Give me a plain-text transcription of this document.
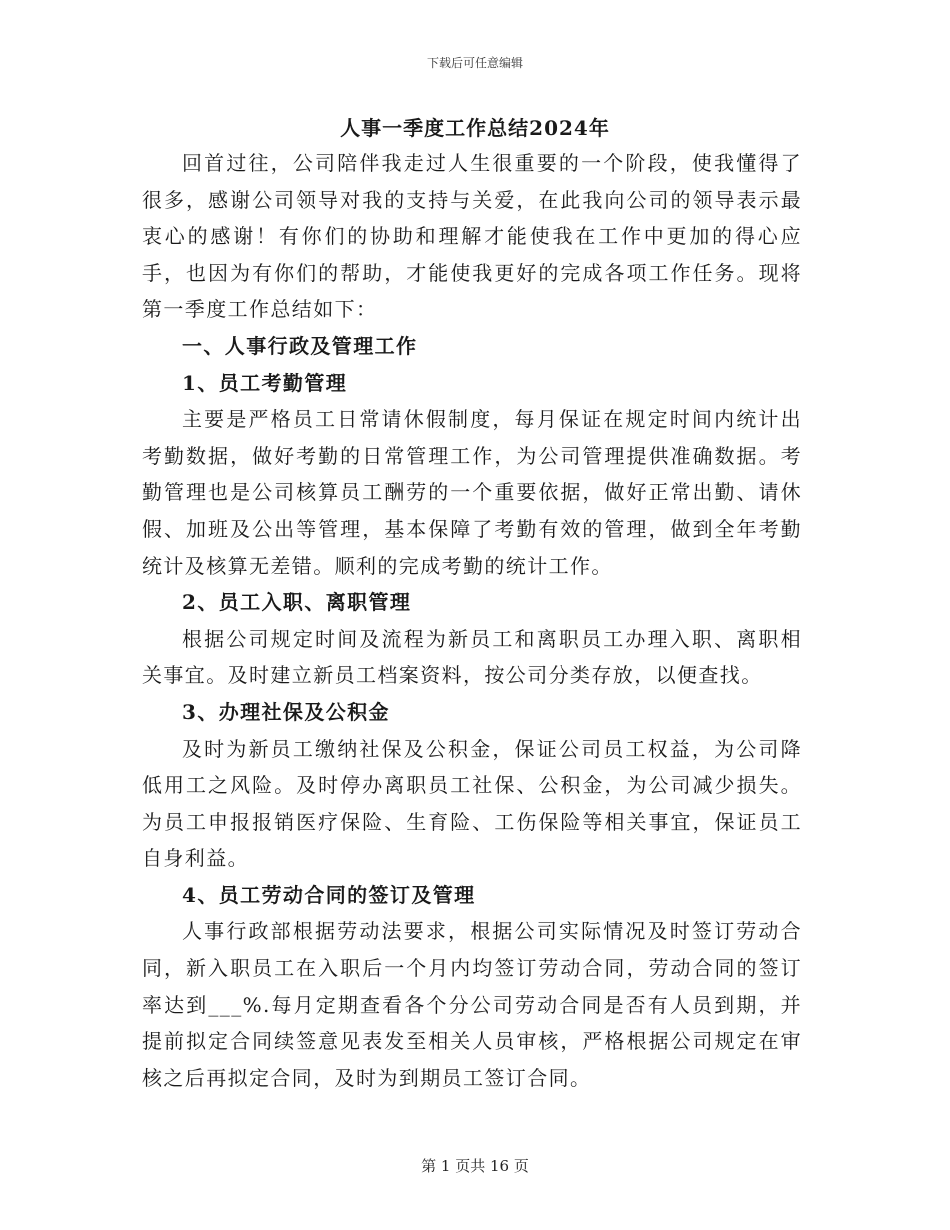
下载后可任意编辑
人事一季度工作总结2024年

回首过往，公司陪伴我走过人生很重要的一个阶段，使我懂得了很多，感谢公司领导对我的支持与关爱，在此我向公司的领导表示最衷心的感谢！有你们的协助和理解才能使我在工作中更加的得心应手，也因为有你们的帮助，才能使我更好的完成各项工作任务。现将第一季度工作总结如下：

一、人事行政及管理工作
1、员工考勤管理

主要是严格员工日常请休假制度，每月保证在规定时间内统计出考勤数据，做好考勤的日常管理工作，为公司管理提供准确数据。考勤管理也是公司核算员工酬劳的一个重要依据，做好正常出勤、请休假、加班及公出等管理，基本保障了考勤有效的管理，做到全年考勤统计及核算无差错。顺利的完成考勤的统计工作。

2、员工入职、离职管理

根据公司规定时间及流程为新员工和离职员工办理入职、离职相关事宜。及时建立新员工档案资料，按公司分类存放，以便查找。

3、办理社保及公积金

及时为新员工缴纳社保及公积金，保证公司员工权益，为公司降低用工之风险。及时停办离职员工社保、公积金，为公司减少损失。为员工申报报销医疗保险、生育险、工伤保险等相关事宜，保证员工自身利益。

4、员工劳动合同的签订及管理

人事行政部根据劳动法要求，根据公司实际情况及时签订劳动合同，新入职员工在入职后一个月内均签订劳动合同，劳动合同的签订率达到___%.每月定期查看各个分公司劳动合同是否有人员到期，并提前拟定合同续签意见表发至相关人员审核，严格根据公司规定在审核之后再拟定合同，及时为到期员工签订合同。

第 1 页共 16 页
